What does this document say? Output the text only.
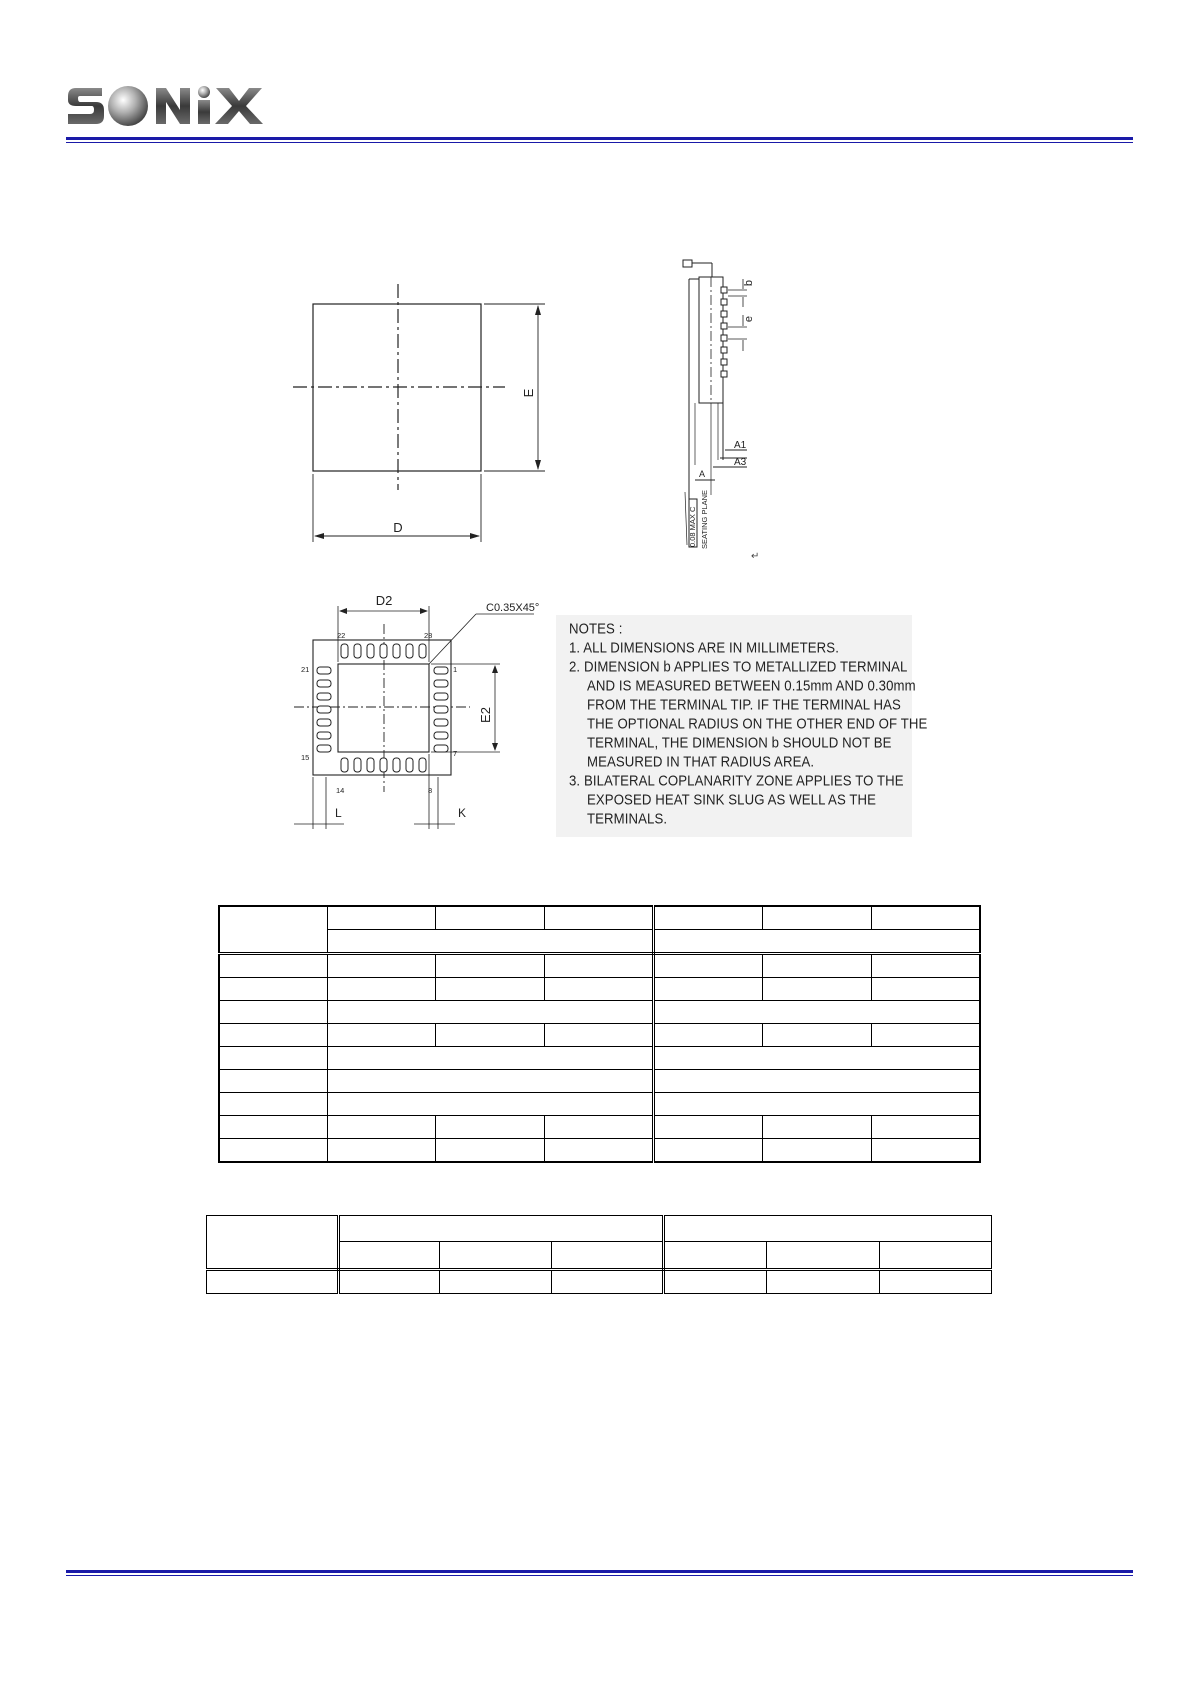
D
E
b
e
A1
A3
A
0.08 MAX C SEATING PLANE
↵
D2
E2
C0.35X45°
L	K
1
7
8
14
15
21
22	28	NOTES :
1. ALL DIMENSIONS ARE IN MILLIMETERS.
2. DIMENSION b APPLIES TO METALLIZED TERMINAL
AND IS MEASURED BETWEEN 0.15mm AND 0.30mm
FROM THE TERMINAL TIP. IF THE TERMINAL HAS
THE OPTIONAL RADIUS ON THE OTHER END OF THE
TERMINAL, THE DIMENSION b SHOULD NOT BE
MEASURED IN THAT RADIUS AREA.
3. BILATERAL COPLANARITY ZONE APPLIES TO THE
EXPOSED HEAT SINK SLUG AS WELL AS THE
TERMINALS.
